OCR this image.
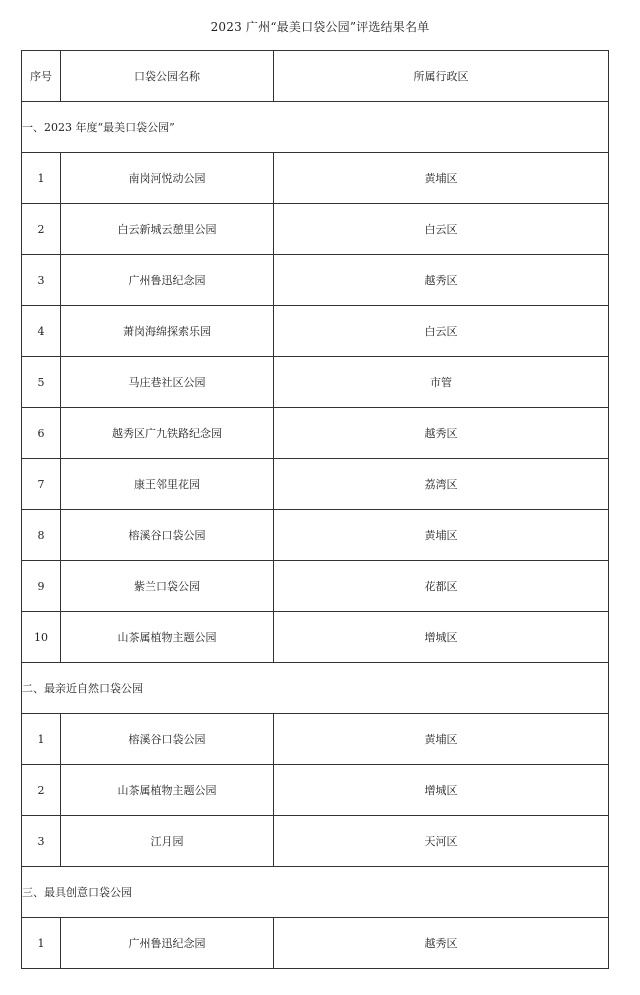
2023 广州“最美口袋公园”评选结果名单
序号	口袋公园名称	所属行政区
一、2023 年度“最美口袋公园”		
1	南岗河悦动公园	黄埔区
2	白云新城云憩里公园	白云区
3	广州鲁迅纪念园	越秀区
4	萧岗海绵探索乐园	白云区
5	马庄巷社区公园	市管
6	越秀区广九铁路纪念园	越秀区
7	康王邻里花园	荔湾区
8	榕溪谷口袋公园	黄埔区
9	紫兰口袋公园	花都区
10	山茶属植物主题公园	增城区
二、最亲近自然口袋公园		
1	榕溪谷口袋公园	黄埔区
2	山茶属植物主题公园	增城区
3	江月园	天河区
三、最具创意口袋公园		
1	广州鲁迅纪念园	越秀区
